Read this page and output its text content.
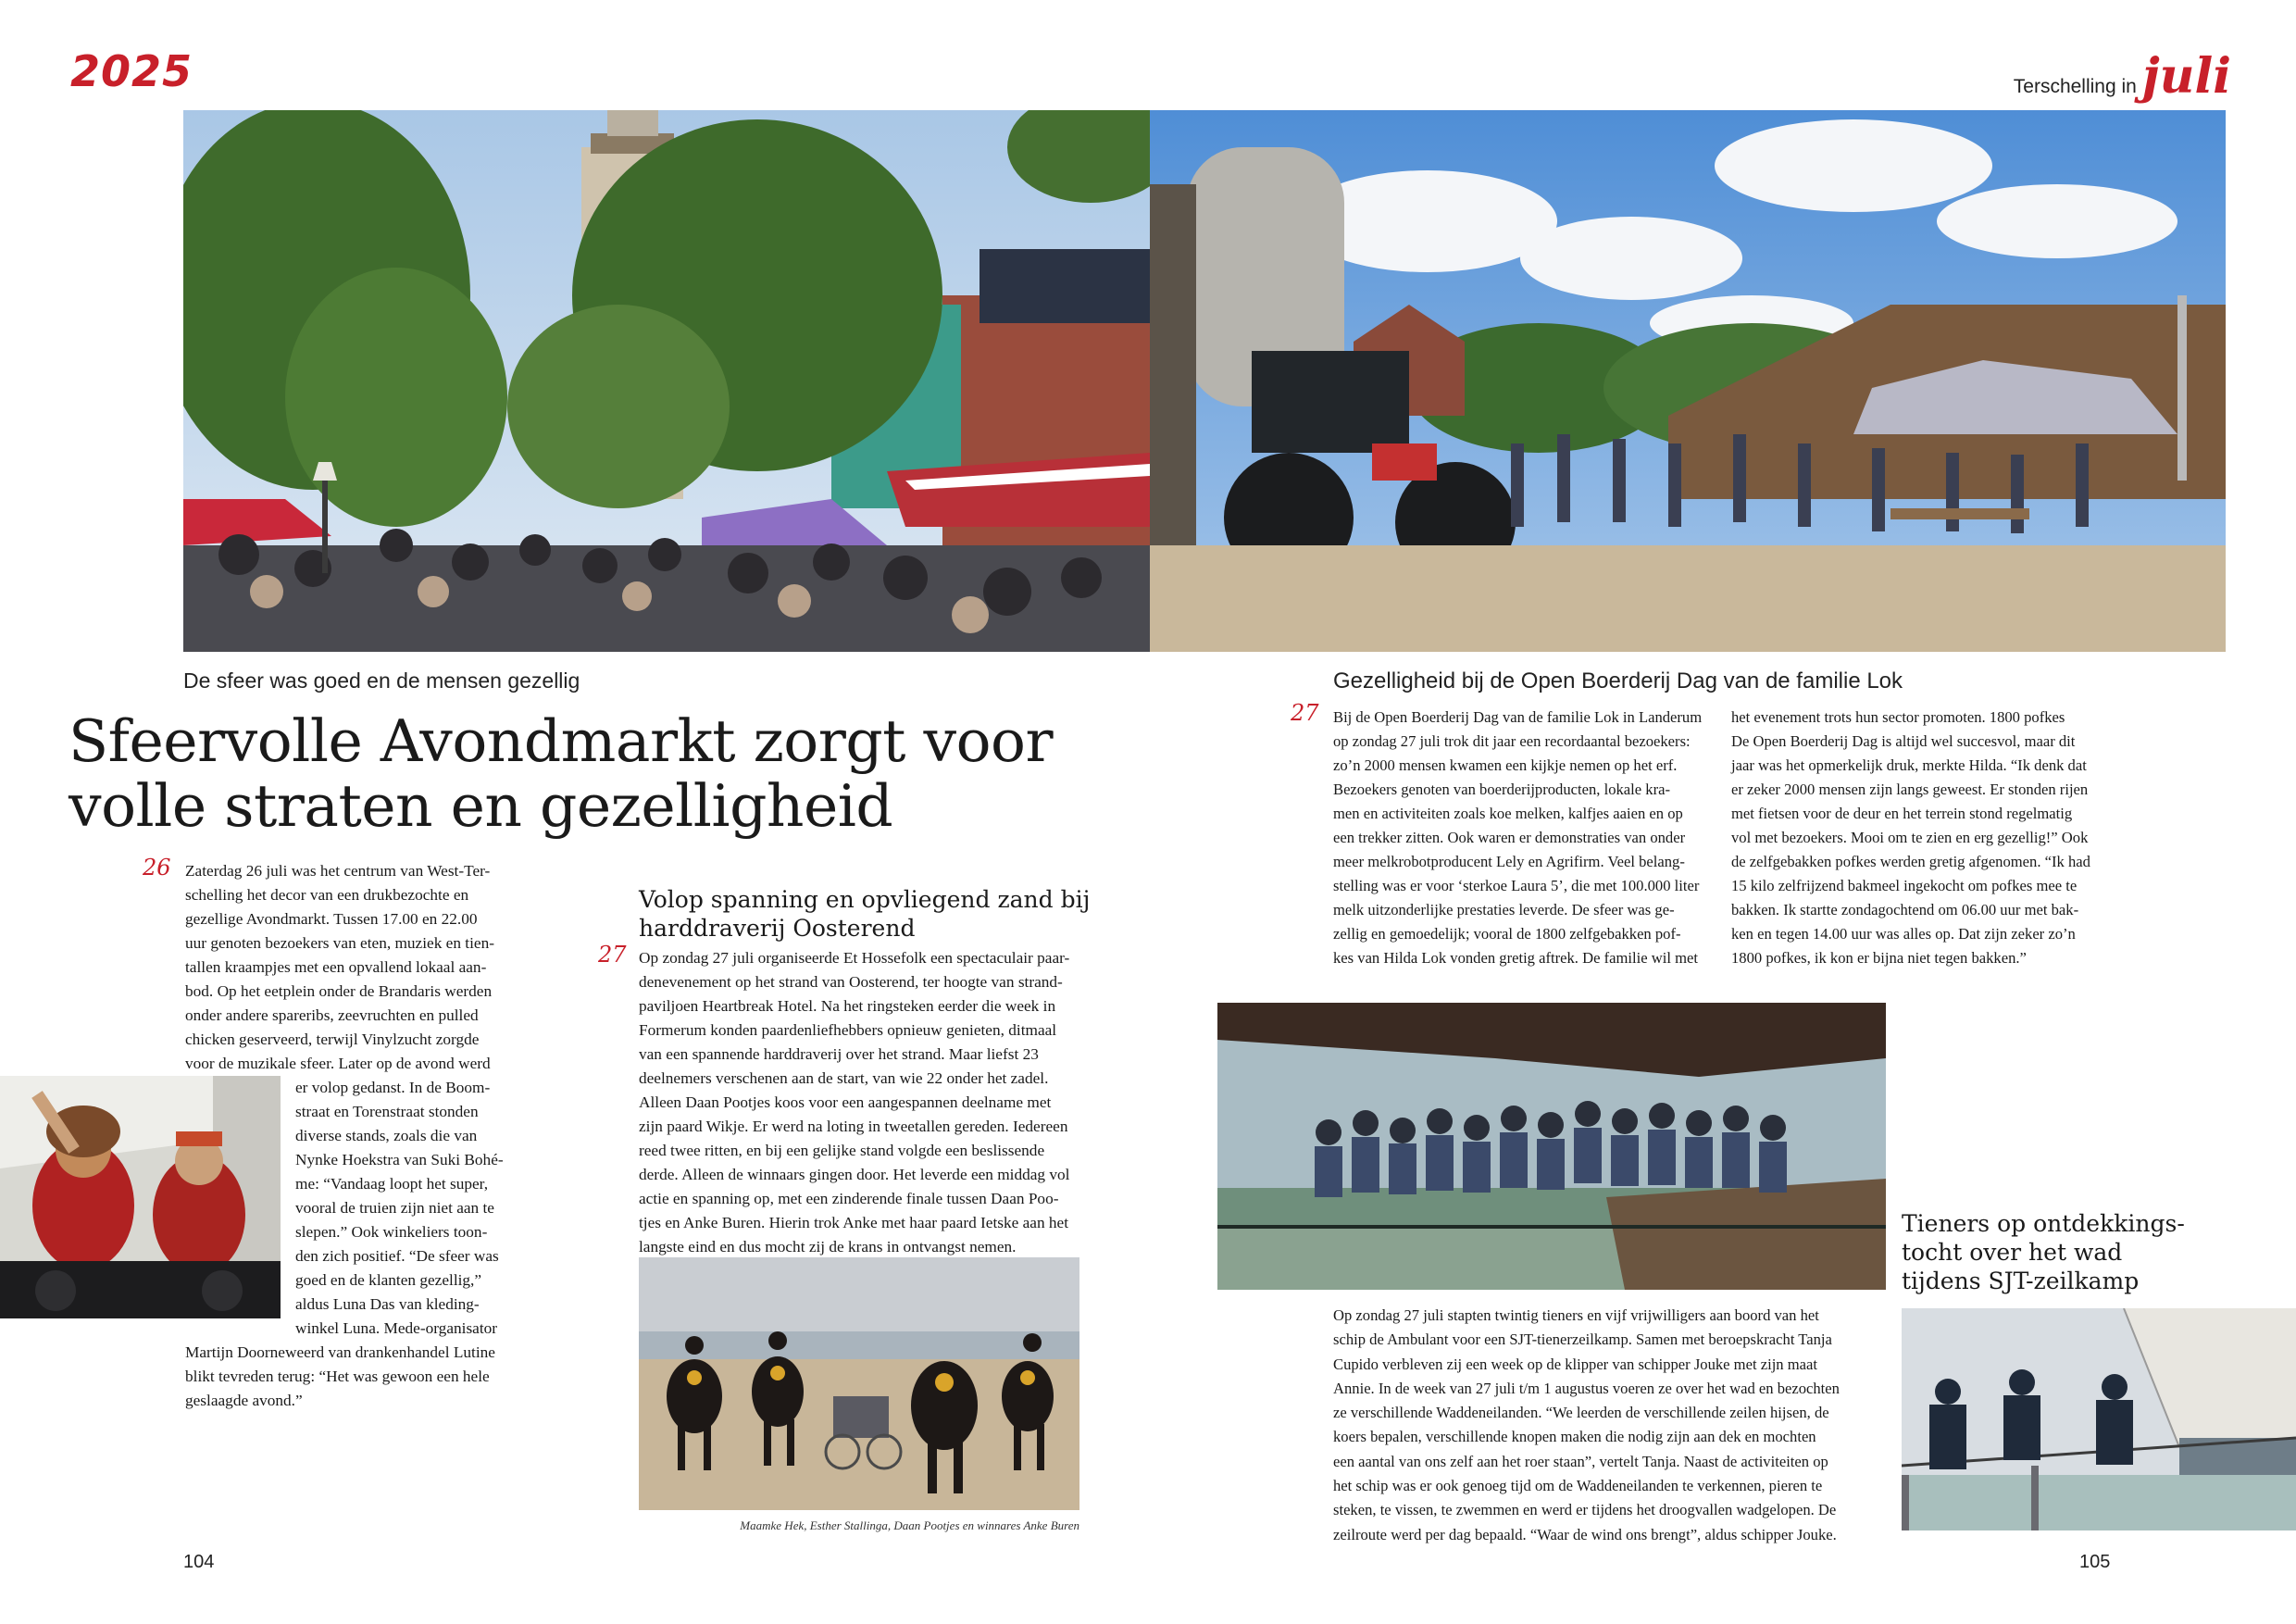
2025	Terschelling in juli
De sfeer was goed en de mensen gezellig
Sfeervolle Avondmarkt zorgt voor
volle straten en gezelligheid
26 Zaterdag 26 juli was het centrum van West-Ter-
schelling het decor van een drukbezochte en
gezellige Avondmarkt. Tussen 17.00 en 22.00
uur genoten bezoekers van eten, muziek en tien-
tallen kraampjes met een opvallend lokaal aan-
bod. Op het eetplein onder de Brandaris werden
onder andere spareribs, zeevruchten en pulled
chicken geserveerd, terwijl Vinylzucht zorgde
voor de muzikale sfeer. Later op de avond werd
er volop gedanst. In de Boom-
straat en Torenstraat stonden
diverse stands, zoals die van
Nynke Hoekstra van Suki Bohé-
me: “Vandaag loopt het super,
vooral de truien zijn niet aan te
slepen.” Ook winkeliers toon-
den zich positief. “De sfeer was
goed en de klanten gezellig,”
aldus Luna Das van kleding-
winkel Luna. Mede-organisator
Martijn Doorneweerd van drankenhandel Lutine
blikt tevreden terug: “Het was gewoon een hele
geslaagde avond.”
Volop spanning en opvliegend zand bij
harddraverij Oosterend
27 Op zondag 27 juli organiseerde Et Hossefolk een spectaculair paar-
denevenement op het strand van Oosterend, ter hoogte van strand-
paviljoen Heartbreak Hotel. Na het ringsteken eerder die week in
Formerum konden paardenliefhebbers opnieuw genieten, ditmaal
van een spannende harddraverij over het strand. Maar liefst 23
deelnemers verschenen aan de start, van wie 22 onder het zadel.
Alleen Daan Pootjes koos voor een aangespannen deelname met
zijn paard Wikje. Er werd na loting in tweetallen gereden. Iedereen
reed twee ritten, en bij een gelijke stand volgde een beslissende
derde. Alleen de winnaars gingen door. Het leverde een middag vol
actie en spanning op, met een zinderende finale tussen Daan Poo-
tjes en Anke Buren. Hierin trok Anke met haar paard Ietske aan het
langste eind en dus mocht zij de krans in ontvangst nemen.
Maamke Hek, Esther Stallinga, Daan Pootjes en winnares Anke Buren
104
Gezelligheid bij de Open Boerderij Dag van de familie Lok
27 Bij de Open Boerderij Dag van de familie Lok in Landerum
op zondag 27 juli trok dit jaar een recordaantal bezoekers:
zo’n 2000 mensen kwamen een kijkje nemen op het erf.
Bezoekers genoten van boerderijproducten, lokale kra-
men en activiteiten zoals koe melken, kalfjes aaien en op
een trekker zitten. Ook waren er demonstraties van onder
meer melkrobotproducent Lely en Agrifirm. Veel belang-
stelling was er voor ‘sterkoe Laura 5’, die met 100.000 liter
melk uitzonderlijke prestaties leverde. De sfeer was ge-
zellig en gemoedelijk; vooral de 1800 zelfgebakken pof-
kes van Hilda Lok vonden gretig aftrek. De familie wil met
het evenement trots hun sector promoten. 1800 pofkes
De Open Boerderij Dag is altijd wel succesvol, maar dit
jaar was het opmerkelijk druk, merkte Hilda. “Ik denk dat
er zeker 2000 mensen zijn langs geweest. Er stonden rijen
met fietsen voor de deur en het terrein stond regelmatig
vol met bezoekers. Mooi om te zien en erg gezellig!” Ook
de zelfgebakken pofkes werden gretig afgenomen. “Ik had
15 kilo zelfrijzend bakmeel ingekocht om pofkes mee te
bakken. Ik startte zondagochtend om 06.00 uur met bak-
ken en tegen 14.00 uur was alles op. Dat zijn zeker zo’n
1800 pofkes, ik kon er bijna niet tegen bakken.”
Tieners op ontdekkings-
tocht over het wad
tijdens SJT-zeilkamp
Op zondag 27 juli stapten twintig tieners en vijf vrijwilligers aan boord van het
schip de Ambulant voor een SJT-tienerzeilkamp. Samen met beroepskracht Tanja
Cupido verbleven zij een week op de klipper van schipper Jouke met zijn maat
Annie. In de week van 27 juli t/m 1 augustus voeren ze over het wad en bezochten
ze verschillende Waddeneilanden. “We leerden de verschillende zeilen hijsen, de
koers bepalen, verschillende knopen maken die nodig zijn aan dek en mochten
een aantal van ons zelf aan het roer staan”, vertelt Tanja. Naast de activiteiten op
het schip was er ook genoeg tijd om de Waddeneilanden te verkennen, pieren te
steken, te vissen, te zwemmen en werd er tijdens het droogvallen wadgelopen. De
zeilroute werd per dag bepaald. “Waar de wind ons brengt”, aldus schipper Jouke.
105
